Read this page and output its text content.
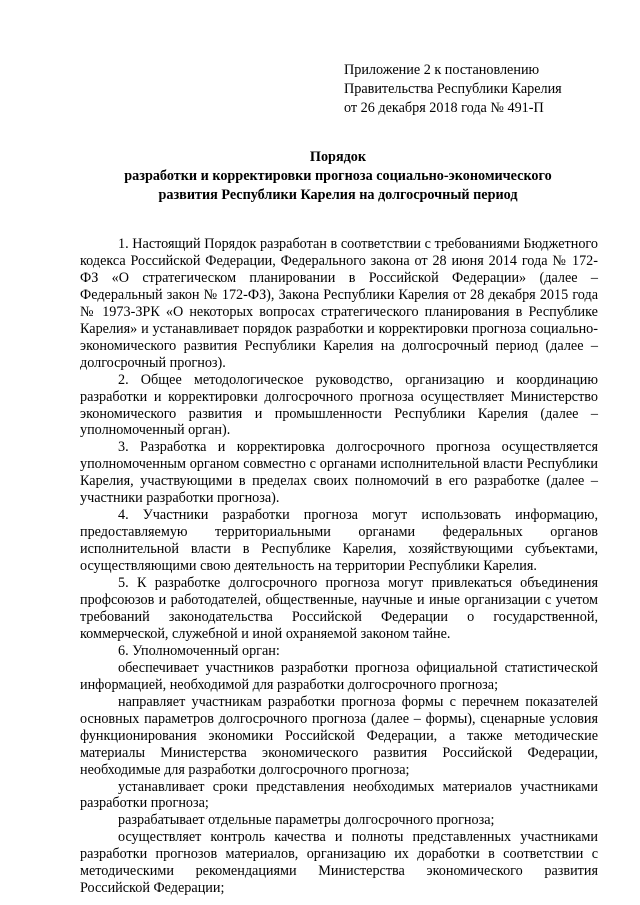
Приложение 2 к постановлению
Правительства Республики Карелия
от 26 декабря 2018 года № 491-П
Порядок
разработки и корректировки прогноза социально-экономического
развития Республики Карелия на долгосрочный период

1. Настоящий Порядок разработан в соответствии с требованиями Бюджетного кодекса Российской Федерации, Федерального закона от 28 июня 2014 года № 172-ФЗ «О стратегическом планировании в Российской Федерации» (далее – Федеральный закон № 172-ФЗ), Закона Республики Карелия от 28 декабря 2015 года № 1973-ЗРК «О некоторых вопросах стратегического планирования в Республике Карелия» и устанавливает порядок разработки и корректировки прогноза социально-экономического развития Республики Карелия на долгосрочный период (далее – долгосрочный прогноз).

2. Общее методологическое руководство, организацию и координацию разработки и корректировки долгосрочного прогноза осуществляет Министерство экономического развития и промышленности Республики Карелия (далее – уполномоченный орган).

3. Разработка и корректировка долгосрочного прогноза осуществляется уполномоченным органом совместно с органами исполнительной власти Республики Карелия, участвующими в пределах своих полномочий в его разработке (далее – участники разработки прогноза).

4. Участники разработки прогноза могут использовать информацию, предоставляемую территориальными органами федеральных органов исполнительной власти в Республике Карелия, хозяйствующими субъектами, осуществляющими свою деятельность на территории Республики Карелия.

5. К разработке долгосрочного прогноза могут привлекаться объединения профсоюзов и работодателей, общественные, научные и иные организации с учетом требований законодательства Российской Федерации о государственной, коммерческой, служебной и иной охраняемой законом тайне.

6. Уполномоченный орган:

обеспечивает участников разработки прогноза официальной статистической информацией, необходимой для разработки долгосрочного прогноза;

направляет участникам разработки прогноза формы с перечнем показателей основных параметров долгосрочного прогноза (далее – формы), сценарные условия функционирования экономики Российской Федерации, а также методические материалы Министерства экономического развития Российской Федерации, необходимые для разработки долгосрочного прогноза;

устанавливает сроки представления необходимых материалов участниками разработки прогноза;

разрабатывает отдельные параметры долгосрочного прогноза;

осуществляет контроль качества и полноты представленных участниками разработки прогнозов материалов, организацию их доработки в соответствии с методическими рекомендациями Министерства экономического развития Российской Федерации;
